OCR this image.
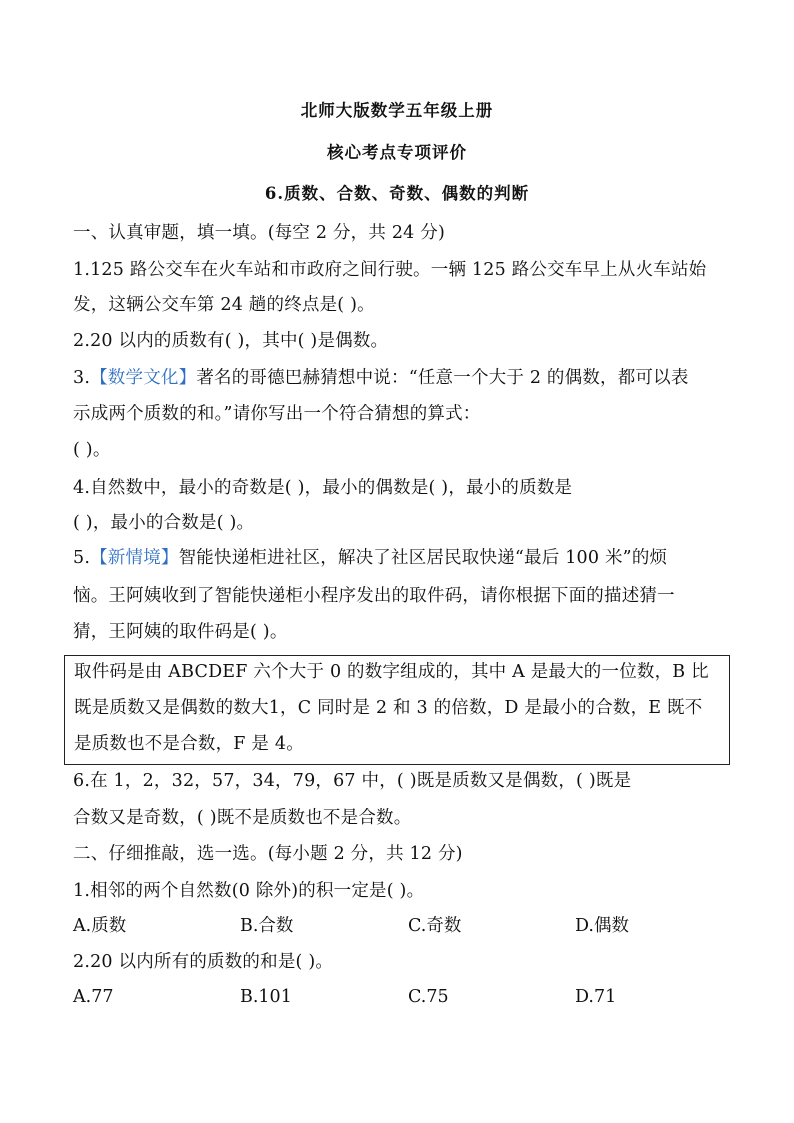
北师大版数学五年级上册

核心考点专项评价

6.质数、合数、奇数、偶数的判断

一、认真审题，填一填。(每空 2 分，共 24 分)

1.125 路公交车在火车站和市政府之间行驶。一辆 125 路公交车早上从火车站始

发，这辆公交车第 24 趟的终点是( )。

2.20 以内的质数有( )，其中( )是偶数。

3.【数学文化】著名的哥德巴赫猜想中说：“任意一个大于 2 的偶数，都可以表

示成两个质数的和。”请你写出一个符合猜想的算式：

( )。

4.自然数中，最小的奇数是( )，最小的偶数是( )，最小的质数是

( )，最小的合数是( )。

5.【新情境】智能快递柜进社区，解决了社区居民取快递“最后 100 米”的烦

恼。王阿姨收到了智能快递柜小程序发出的取件码，请你根据下面的描述猜一

猜，王阿姨的取件码是( )。

取件码是由 ABCDEF 六个大于 0 的数字组成的，其中 A 是最大的一位数，B 比

既是质数又是偶数的数大1，C 同时是 2 和 3 的倍数，D 是最小的合数，E 既不

是质数也不是合数，F 是 4。

6.在 1，2，32，57，34，79，67 中，( )既是质数又是偶数，( )既是

合数又是奇数，( )既不是质数也不是合数。

二、仔细推敲，选一选。(每小题 2 分，共 12 分)

1.相邻的两个自然数(0 除外)的积一定是( )。

A.质数	B.合数	C.奇数	D.偶数

2.20 以内所有的质数的和是( )。

A.77	B.101	C.75	D.71
